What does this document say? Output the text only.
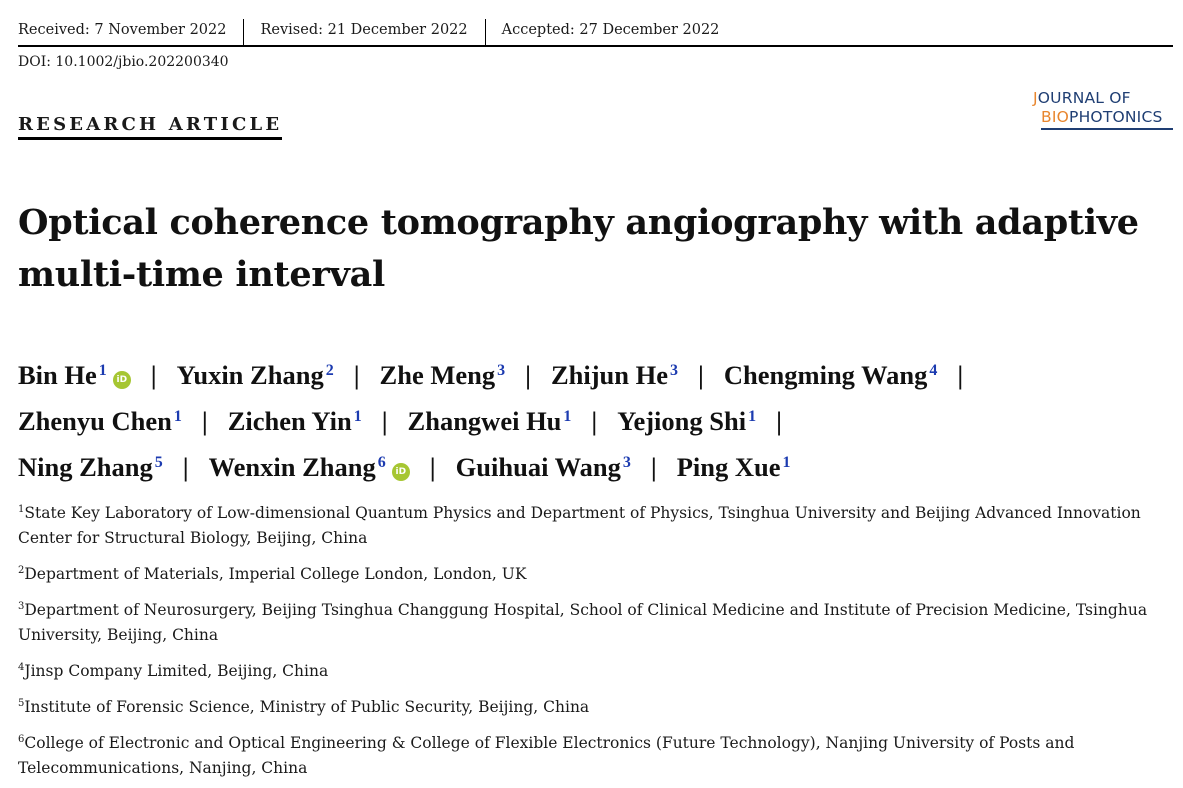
Received: 7 November 2022 Revised: 21 December 2022 Accepted: 27 December 2022
DOI: 10.1002/jbio.202200340
RESEARCH ARTICLE
JOURNAL OF
BIOPHOTONICS
Optical coherence tomography angiography with adaptive
multi-time interval
Bin He $^1$iD | Yuxin Zhang $^2$ | Zhe Meng $^3$ | Zhijun He $^3$ | Chengming Wang $^4$ |
Zhenyu Chen $^1$ | Zichen Yin $^1$ | Zhangwei Hu $^1$ | Yejiong Shi $^1$ |
Ning Zhang $^5$ | Wenxin Zhang $^6$iD | Guihuai Wang $^3$ | Ping Xue $^1$
$^1$State Key Laboratory of Low-dimensional Quantum Physics and Department of Physics, Tsinghua University and Beijing Advanced Innovation Center for Structural Biology, Beijing, China
$^2$Department of Materials, Imperial College London, London, UK
$^3$Department of Neurosurgery, Beijing Tsinghua Changgung Hospital, School of Clinical Medicine and Institute of Precision Medicine, Tsinghua University, Beijing, China
$^4$Jinsp Company Limited, Beijing, China
$^5$Institute of Forensic Science, Ministry of Public Security, Beijing, China
$^6$College of Electronic and Optical Engineering & College of Flexible Electronics (Future Technology), Nanjing University of Posts and Telecommunications, Nanjing, China
